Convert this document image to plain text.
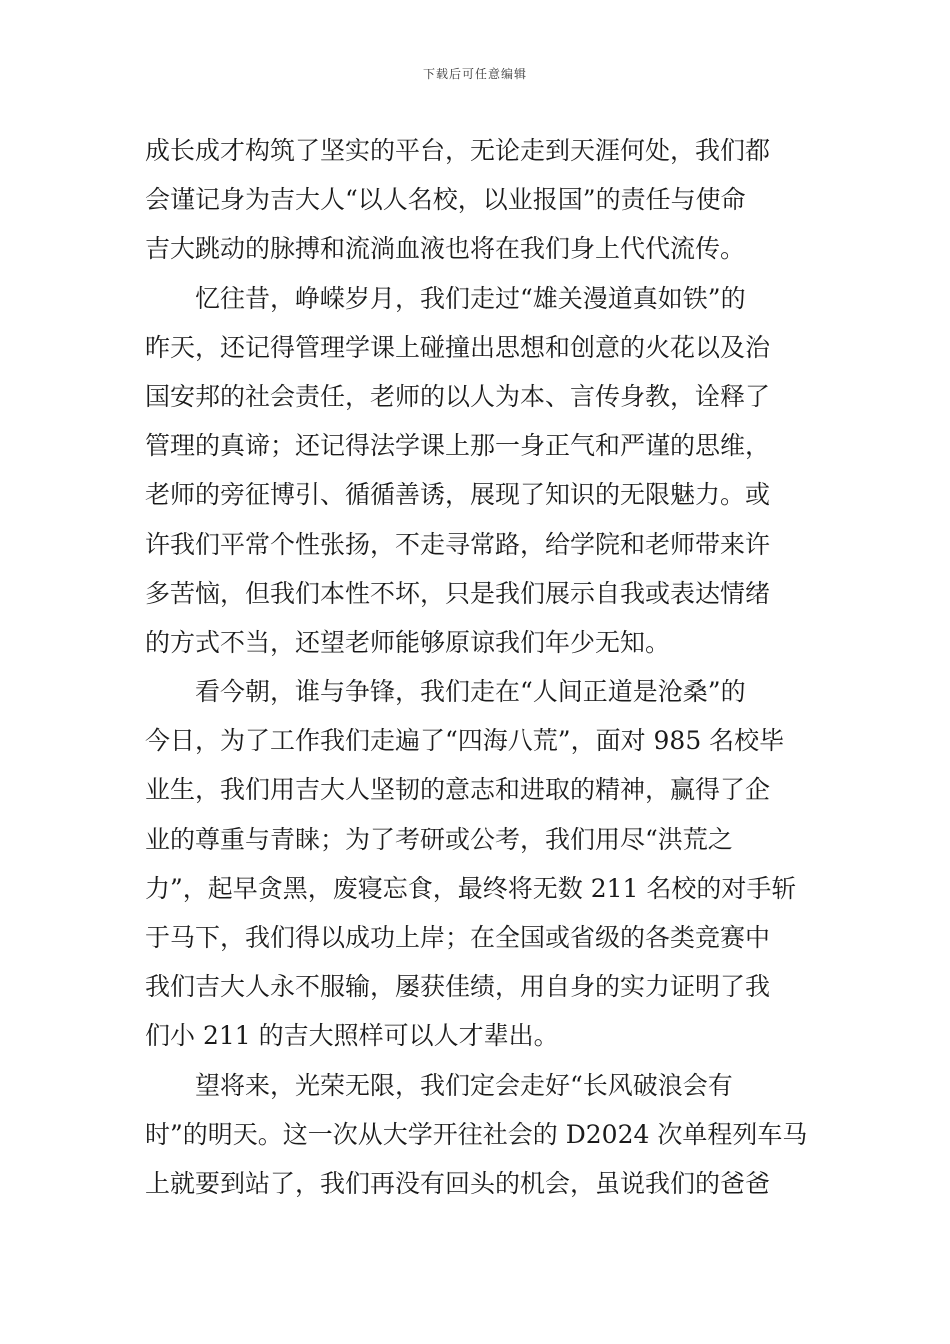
下载后可任意编辑
成长成才构筑了坚实的平台，无论走到天涯何处，我们都
会谨记身为吉大人“以人名校，以业报国”的责任与使命
吉大跳动的脉搏和流淌血液也将在我们身上代代流传。
忆往昔，峥嵘岁月，我们走过“雄关漫道真如铁”的
昨天，还记得管理学课上碰撞出思想和创意的火花以及治
国安邦的社会责任，老师的以人为本、言传身教，诠释了
管理的真谛；还记得法学课上那一身正气和严谨的思维，
老师的旁征博引、循循善诱，展现了知识的无限魅力。或
许我们平常个性张扬，不走寻常路，给学院和老师带来许
多苦恼，但我们本性不坏，只是我们展示自我或表达情绪
的方式不当，还望老师能够原谅我们年少无知。
看今朝，谁与争锋，我们走在“人间正道是沧桑”的
今日，为了工作我们走遍了“四海八荒”，面对 985 名校毕
业生，我们用吉大人坚韧的意志和进取的精神，赢得了企
业的尊重与青睐；为了考研或公考，我们用尽“洪荒之
力”，起早贪黑，废寝忘食，最终将无数 211 名校的对手斩
于马下，我们得以成功上岸；在全国或省级的各类竞赛中
我们吉大人永不服输，屡获佳绩，用自身的实力证明了我
们小 211 的吉大照样可以人才辈出。
望将来，光荣无限，我们定会走好“长风破浪会有
时”的明天。这一次从大学开往社会的 D2024 次单程列车马
上就要到站了，我们再没有回头的机会，虽说我们的爸爸
